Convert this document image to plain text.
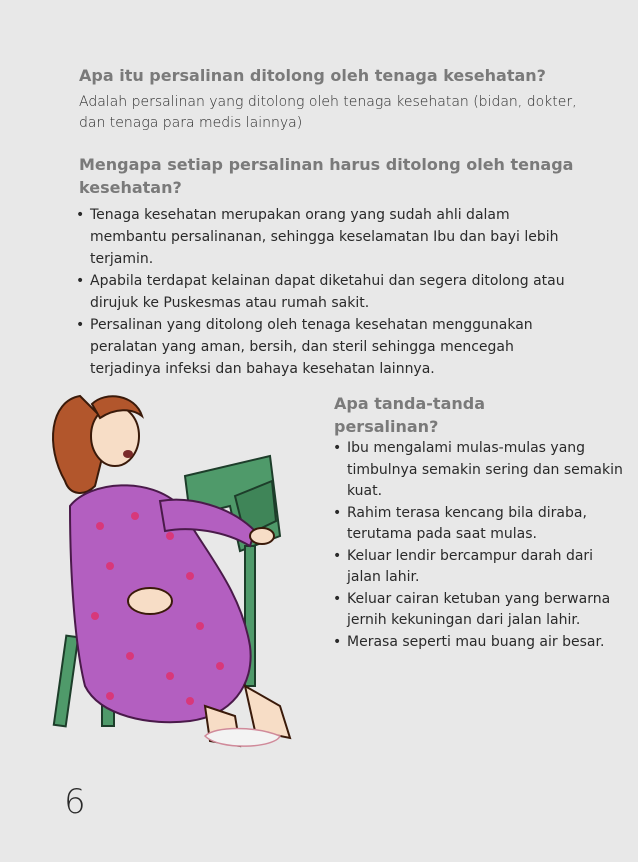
Apa itu persalinan ditolong oleh tenaga kesehatan?
Adalah persalinan yang ditolong oleh tenaga kesehatan (bidan, dokter, dan tenaga para medis lainnya)
Mengapa setiap persalinan harus ditolong oleh tenaga kesehatan?
• Tenaga kesehatan merupakan orang yang sudah ahli dalam membantu persalinanan, sehingga keselamatan Ibu dan bayi lebih terjamin.
• Apabila terdapat kelainan dapat diketahui dan segera ditolong atau dirujuk ke Puskesmas atau rumah sakit.
• Persalinan yang ditolong oleh tenaga kesehatan menggunakan peralatan yang aman, bersih, dan steril sehingga mencegah terjadinya infeksi dan bahaya kesehatan lainnya.
Apa tanda-tanda persalinan?
• Ibu mengalami mulas-mulas yang timbulnya semakin sering dan semakin kuat.
• Rahim terasa kencang bila diraba, terutama pada saat mulas.
• Keluar lendir bercampur darah dari jalan lahir.
• Keluar cairan ketuban yang berwarna jernih kekuningan dari jalan lahir.
• Merasa seperti mau buang air besar.
6
